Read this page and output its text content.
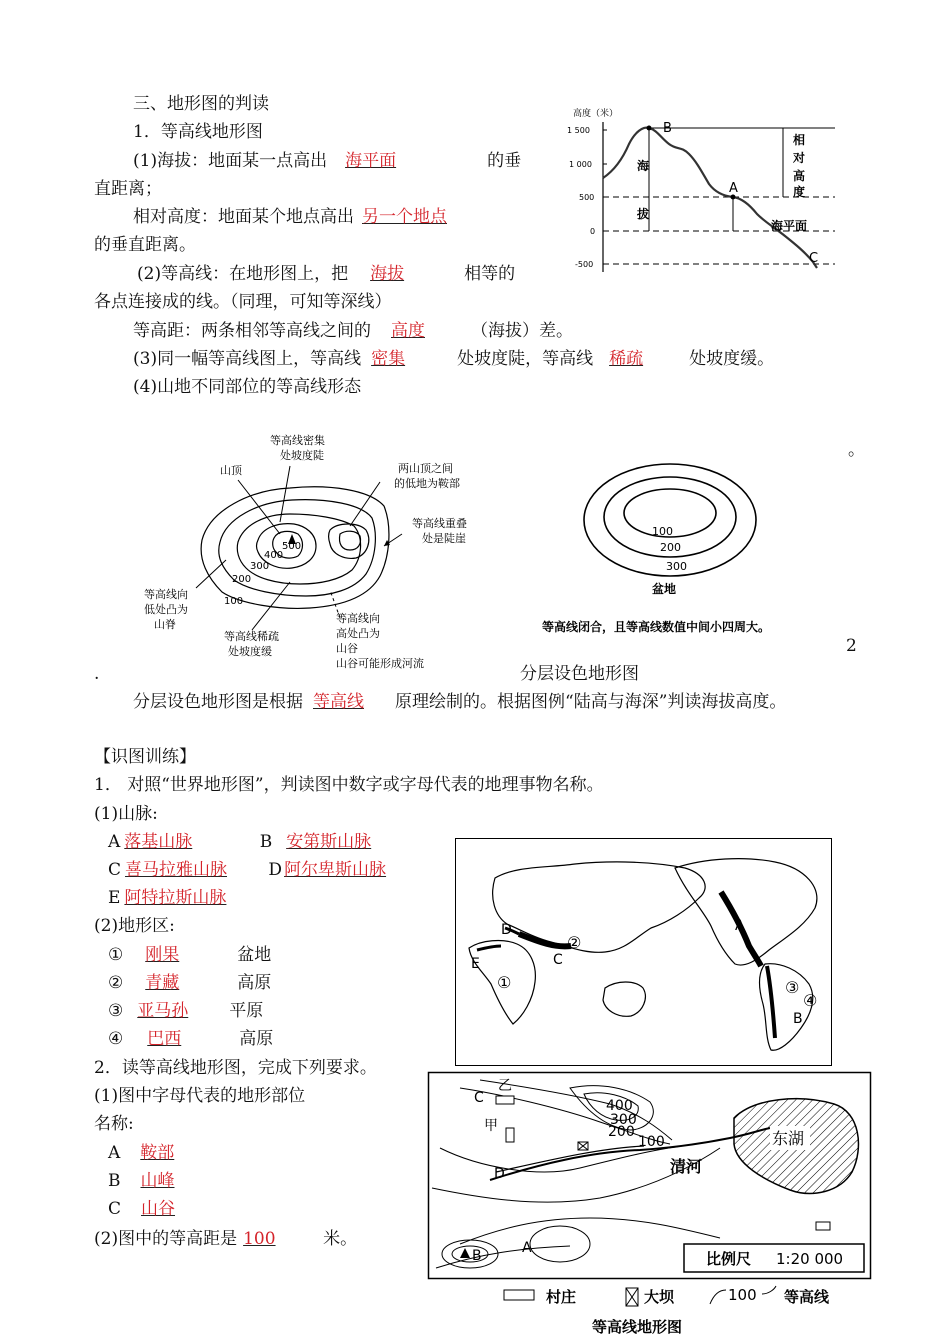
三、地形图的判读
1．等高线地形图
(1)海拔：地面某一点高出 海平面	的垂
直距离；
相对高度：地面某个地点高出 另一个地点
的垂直距离。
(2)等高线：在地形图上，把 海拔	相等的
各点连接成的线。（同理，可知等深线）
等高距：两条相邻等高线之间的 高度	（海拔）差。
(3)同一幅等高线图上，等高线 密集	处坡度陡，等高线 稀疏	处坡度缓。
(4)山地不同部位的等高线形态
高度（米）
1 500
1 000
500
0
-500
B
A
C
海
拔
相
对
高
度
海平面
等高线密集
处坡度陡
山顶	两山顶之间
的低地为鞍部
等高线重叠
处是陡崖
500
400
300
200
100
等高线向
低处凸为
山脊
等高线稀疏
处坡度缓
等高线向
高处凸为
山谷
山谷可能形成河流
100
200
300
盆地
等高线闭合，且等高线数值中间小四周大。
。
2
.	分层设色地形图
分层设色地形图是根据 等高线 原理绘制的。根据图例“陆高与海深”判读海拔高度。
【识图训练】
1． 对照“世界地形图”，判读图中数字或字母代表的地理事物名称。
(1)山脉:
A 落基山脉	B 安第斯山脉
C 喜马拉雅山脉 D 阿尔卑斯山脉
E 阿特拉斯山脉
(2)地形区:
① 刚果	盆地
② 青藏	高原
③ 亚马孙 平原
④ 巴西	高原
2．读等高线地形图，完成下列要求。
(1)图中字母代表的地形部位
名称:
A 鞍部
B 山峰
C 山谷
(2)图中的等高距是 100	米。
A
B
C
D
E
①
②
③
④
东湖
清河
400
300
200
100
C
乙
甲
D
A
B	比例尺 1:20 000
村庄	大坝	100 等高线
等高线地形图
